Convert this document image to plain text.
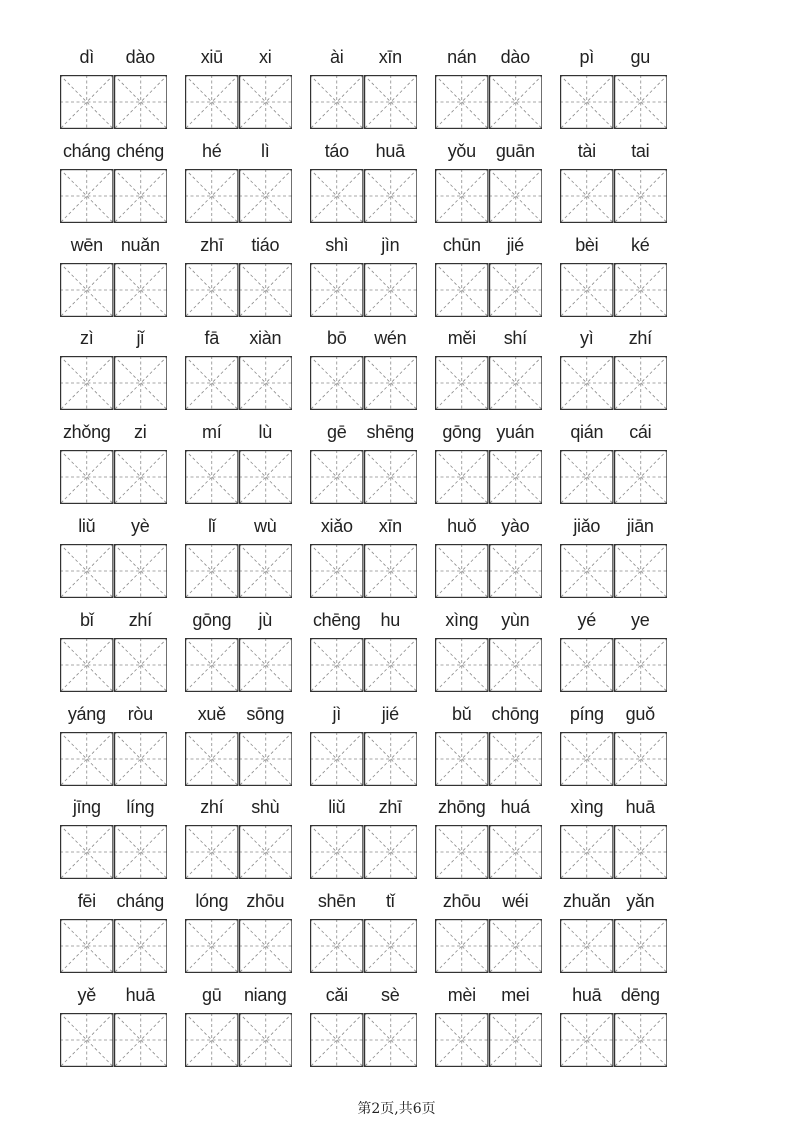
dì	dào	xiū	xi	ài	xīn	nán	dào	pì	gu
cháng chéng	hé	lì	táo	huā	yǒu	guān	tài	tai
wēn	nuǎn	zhī	tiáo	shì	jìn	chūn	jié	bèi	ké
zì	jǐ	fā	xiàn	bō	wén	měi	shí	yì	zhí
zhǒng	zi	mí	lù	gē	shēng	gōng yuán	qián	cái
liǔ	yè	lǐ	wù	xiǎo	xīn	huǒ	yào	jiǎo	jiān
bǐ	zhí	gōng	jù	chēng	hu	xìng	yùn	yé	ye
yáng	ròu	xuě	sōng	jì	jié	bǔ	chōng	píng	guǒ
jīng	líng	zhí	shù	liǔ	zhī	zhōng huá	xìng	huā
fēi	cháng	lóng	zhōu	shēn	tǐ	zhōu	wéi	zhuǎn yǎn
yě	huā	gū	niang	cǎi	sè	mèi	mei	huā	dēng
第2页,共6页
